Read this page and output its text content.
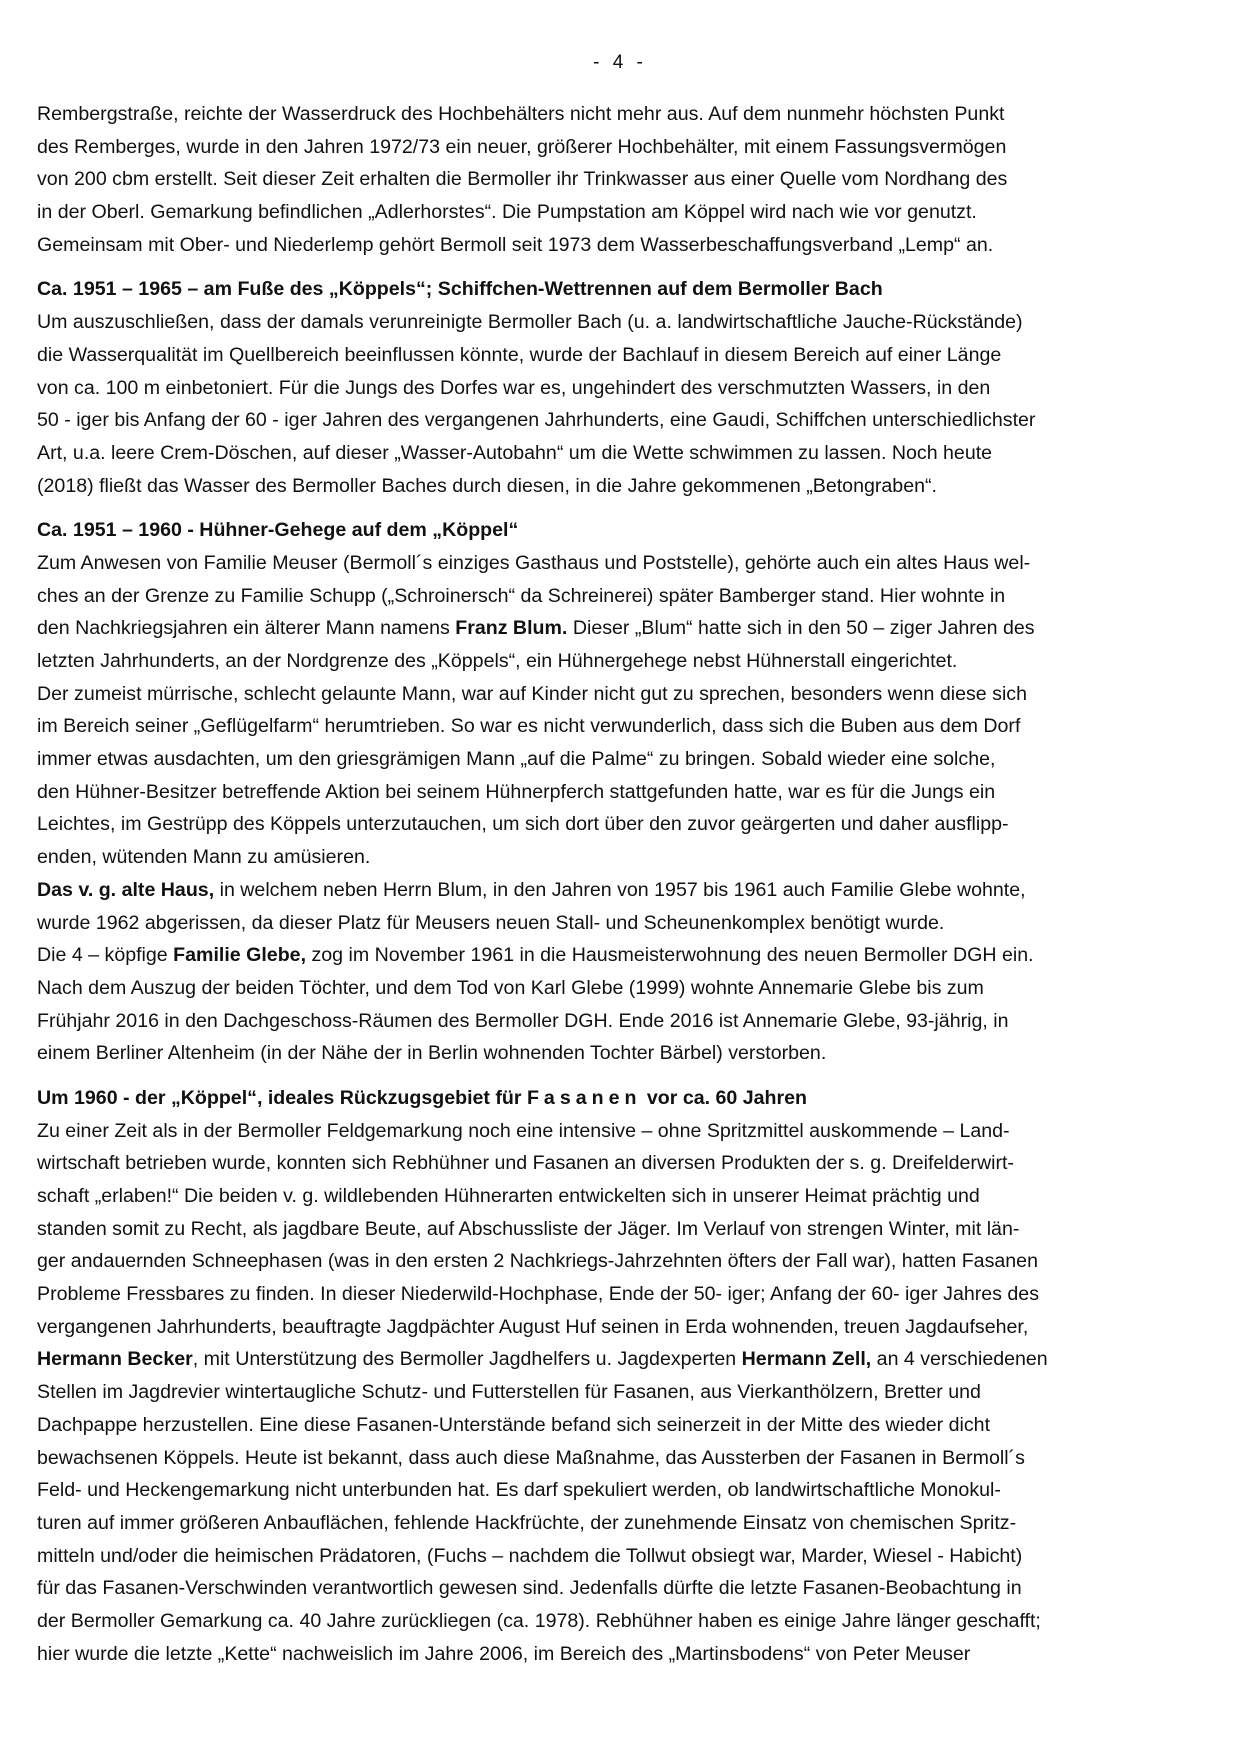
- 4 -
Rembergstraße, reichte der Wasserdruck des Hochbehälters nicht mehr aus. Auf dem nunmehr höchsten Punkt
des Remberges, wurde in den Jahren 1972/73 ein neuer, größerer Hochbehälter, mit einem Fassungsvermögen
von 200 cbm erstellt. Seit dieser Zeit erhalten die Bermoller ihr Trinkwasser aus einer Quelle vom Nordhang des
in der Oberl. Gemarkung befindlichen „Adlerhorstes“. Die Pumpstation am Köppel wird nach wie vor genutzt.
Gemeinsam mit Ober- und Niederlemp gehört Bermoll seit 1973 dem Wasserbeschaffungsverband „Lemp“ an.
Ca. 1951 – 1965 – am Fuße des „Köppels“; Schiffchen-Wettrennen auf dem Bermoller Bach
Um auszuschließen, dass der damals verunreinigte Bermoller Bach (u. a. landwirtschaftliche Jauche-Rückstände)
die Wasserqualität im Quellbereich beeinflussen könnte, wurde der Bachlauf in diesem Bereich auf einer Länge
von ca. 100 m einbetoniert. Für die Jungs des Dorfes war es, ungehindert des verschmutzten Wassers, in den
50 - iger bis Anfang der 60 - iger Jahren des vergangenen Jahrhunderts, eine Gaudi, Schiffchen unterschiedlichster
Art, u.a. leere Crem-Döschen, auf dieser „Wasser-Autobahn“ um die Wette schwimmen zu lassen. Noch heute
(2018) fließt das Wasser des Bermoller Baches durch diesen, in die Jahre gekommenen „Betongraben“.
Ca. 1951 – 1960 - Hühner-Gehege auf dem „Köppel“
Zum Anwesen von Familie Meuser (Bermoll´s einziges Gasthaus und Poststelle), gehörte auch ein altes Haus wel-
ches an der Grenze zu Familie Schupp („Schroinersch“ da Schreinerei) später Bamberger stand. Hier wohnte in
den Nachkriegsjahren ein älterer Mann namens Franz Blum. Dieser „Blum“ hatte sich in den 50 – ziger Jahren des
letzten Jahrhunderts, an der Nordgrenze des „Köppels“, ein Hühnergehege nebst Hühnerstall eingerichtet.
Der zumeist mürrische, schlecht gelaunte Mann, war auf Kinder nicht gut zu sprechen, besonders wenn diese sich
im Bereich seiner „Geflügelfarm“ herumtrieben. So war es nicht verwunderlich, dass sich die Buben aus dem Dorf
immer etwas ausdachten, um den griesgrämigen Mann „auf die Palme“ zu bringen. Sobald wieder eine solche,
den Hühner-Besitzer betreffende Aktion bei seinem Hühnerpferch stattgefunden hatte, war es für die Jungs ein
Leichtes, im Gestrüpp des Köppels unterzutauchen, um sich dort über den zuvor geärgerten und daher ausflipp-
enden, wütenden Mann zu amüsieren.
Das v. g. alte Haus, in welchem neben Herrn Blum, in den Jahren von 1957 bis 1961 auch Familie Glebe wohnte,
wurde 1962 abgerissen, da dieser Platz für Meusers neuen Stall- und Scheunenkomplex benötigt wurde.
Die 4 – köpfige Familie Glebe, zog im November 1961 in die Hausmeisterwohnung des neuen Bermoller DGH ein.
Nach dem Auszug der beiden Töchter, und dem Tod von Karl Glebe (1999) wohnte Annemarie Glebe bis zum
Frühjahr 2016 in den Dachgeschoss-Räumen des Bermoller DGH. Ende 2016 ist Annemarie Glebe, 93-jährig, in
einem Berliner Altenheim (in der Nähe der in Berlin wohnenden Tochter Bärbel) verstorben.
Um 1960 - der „Köppel“, ideales Rückzugsgebiet für Fasanen vor ca. 60 Jahren
Zu einer Zeit als in der Bermoller Feldgemarkung noch eine intensive – ohne Spritzmittel auskommende – Land-
wirtschaft betrieben wurde, konnten sich Rebhühner und Fasanen an diversen Produkten der s. g. Dreifelderwirt-
schaft „erlaben!“ Die beiden v. g. wildlebenden Hühnerarten entwickelten sich in unserer Heimat prächtig und
standen somit zu Recht, als jagdbare Beute, auf Abschussliste der Jäger. Im Verlauf von strengen Winter, mit län-
ger andauernden Schneephasen (was in den ersten 2 Nachkriegs-Jahrzehnten öfters der Fall war), hatten Fasanen
Probleme Fressbares zu finden. In dieser Niederwild-Hochphase, Ende der 50- iger; Anfang der 60- iger Jahres des
vergangenen Jahrhunderts, beauftragte Jagdpächter August Huf seinen in Erda wohnenden, treuen Jagdaufseher,
Hermann Becker, mit Unterstützung des Bermoller Jagdhelfers u. Jagdexperten Hermann Zell, an 4 verschiedenen
Stellen im Jagdrevier wintertaugliche Schutz- und Futterstellen für Fasanen, aus Vierkanthölzern, Bretter und
Dachpappe herzustellen. Eine diese Fasanen-Unterstände befand sich seinerzeit in der Mitte des wieder dicht
bewachsenen Köppels. Heute ist bekannt, dass auch diese Maßnahme, das Aussterben der Fasanen in Bermoll´s
Feld- und Heckengemarkung nicht unterbunden hat. Es darf spekuliert werden, ob landwirtschaftliche Monokul-
turen auf immer größeren Anbauflächen, fehlende Hackfrüchte, der zunehmende Einsatz von chemischen Spritz-
mitteln und/oder die heimischen Prädatoren, (Fuchs – nachdem die Tollwut obsiegt war, Marder, Wiesel - Habicht)
für das Fasanen-Verschwinden verantwortlich gewesen sind. Jedenfalls dürfte die letzte Fasanen-Beobachtung in
der Bermoller Gemarkung ca. 40 Jahre zurückliegen (ca. 1978). Rebhühner haben es einige Jahre länger geschafft;
hier wurde die letzte „Kette“ nachweislich im Jahre 2006, im Bereich des „Martinsbodens“ von Peter Meuser
